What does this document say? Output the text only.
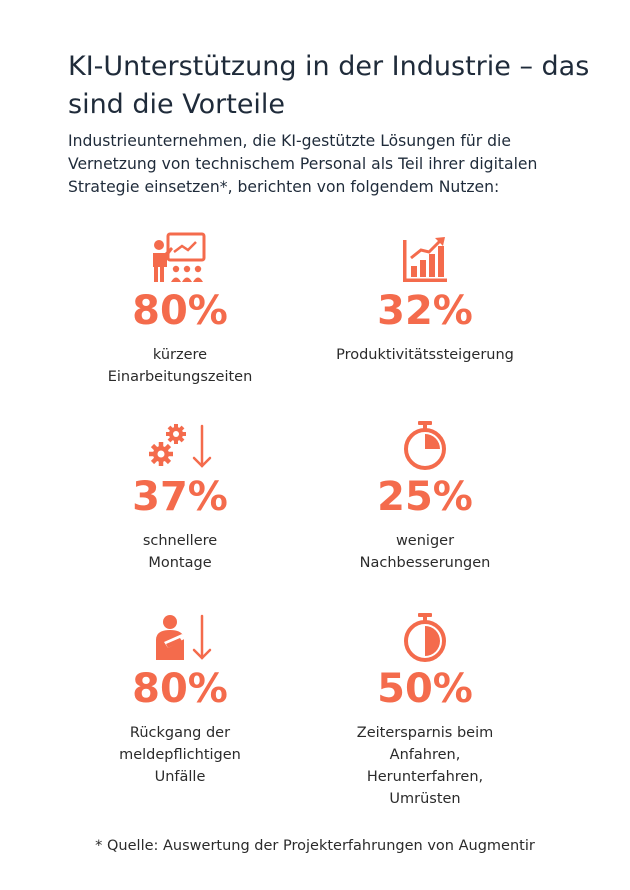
KI-Unterstützung in der Industrie – das sind die Vorteile

Industrieunternehmen, die KI-gestützte Lösungen für die Vernetzung von technischem Personal als Teil ihrer digitalen Strategie einsetzen*, berichten von folgendem Nutzen:

80%
kürzere
Einarbeitungszeiten
32%
Produktivitätssteigerung
37%
schnellere
Montage
25%
weniger
Nachbesserungen
80%
Rückgang der
meldepflichtigen
Unfälle
50%
Zeitersparnis beim
Anfahren,
Herunterfahren,
Umrüsten
* Quelle: Auswertung der Projekterfahrungen von Augmentir
